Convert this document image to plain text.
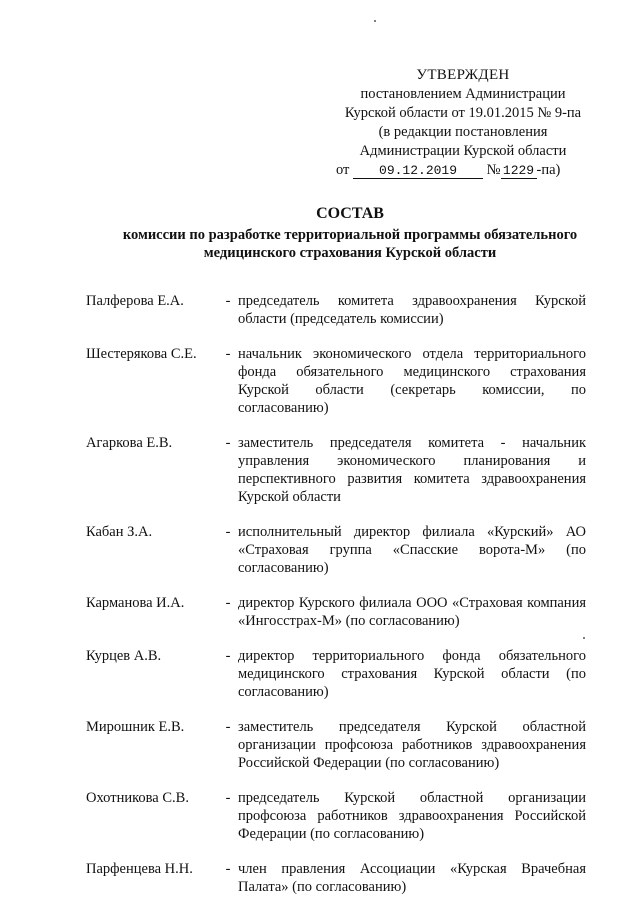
УТВЕРЖДЕН
постановлением Администрации
Курской области от 19.01.2015 № 9-па
(в редакции постановления
Администрации Курской области
от 09.12.2019 № 1229 -па)
СОСТАВ
комиссии по разработке территориальной программы обязательного
медицинского страхования Курской области
Палферова Е.А.	- председатель комитета здравоохранения Курской области (председатель комиссии)
Шестерякова С.Е.	- начальник экономического отдела территориального фонда обязательного медицинского страхования Курской области (секретарь комиссии, по согласованию)
Агаркова Е.В.	- заместитель председателя комитета - начальник управления экономического планирования и перспективного развития комитета здравоохранения Курской области
Кабан З.А.	- исполнительный директор филиала «Курский» АО «Страховая группа «Спасские ворота-М» (по согласованию)
Карманова И.А.	- директор Курского филиала ООО «Страховая компания «Ингосстрах-М» (по согласованию)
Курцев А.В.	- директор территориального фонда обязательного медицинского страхования Курской области (по согласованию)
Мирошник Е.В.	- заместитель председателя Курской областной организации профсоюза работников здравоохранения Российской Федерации (по согласованию)
Охотникова С.В.	- председатель Курской областной организации профсоюза работников здравоохранения Российской Федерации (по согласованию)
Парфенцева Н.Н.	- член правления Ассоциации «Курская Врачебная Палата» (по согласованию)
